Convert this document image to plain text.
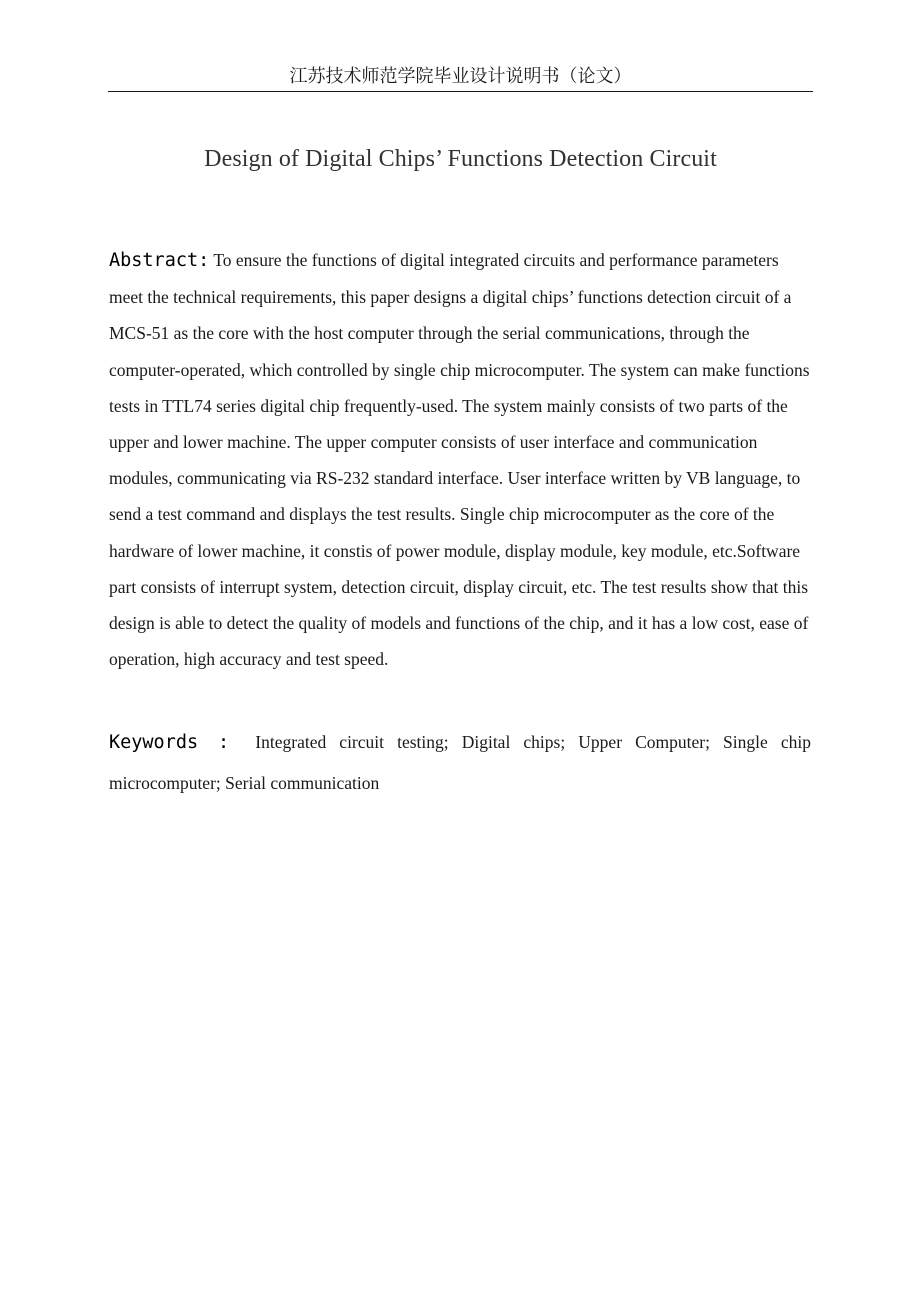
江苏技术师范学院毕业设计说明书（论文）
Design of Digital Chips’ Functions Detection Circuit

Abstract: To ensure the functions of digital integrated circuits and performance parameters meet the technical requirements, this paper designs a digital chips’ functions detection circuit of a MCS-51 as the core with the host computer through the serial communications, through the computer-operated, which controlled by single chip microcomputer. The system can make functions tests in TTL74 series digital chip frequently-used. The system mainly consists of two parts of the upper and lower machine. The upper computer consists of user interface and communication modules, communicating via RS-232 standard interface. User interface written by VB language, to send a test command and displays the test results. Single chip microcomputer as the core of the hardware of lower machine, it constis of power module, display module, key module, etc.Software part consists of interrupt system, detection circuit, display circuit, etc. The test results show that this design is able to detect the quality of models and functions of the chip, and it has a low cost, ease of operation, high accuracy and test speed.

Keywords : Integrated circuit testing; Digital chips; Upper Computer; Single chip microcomputer; Serial communication
